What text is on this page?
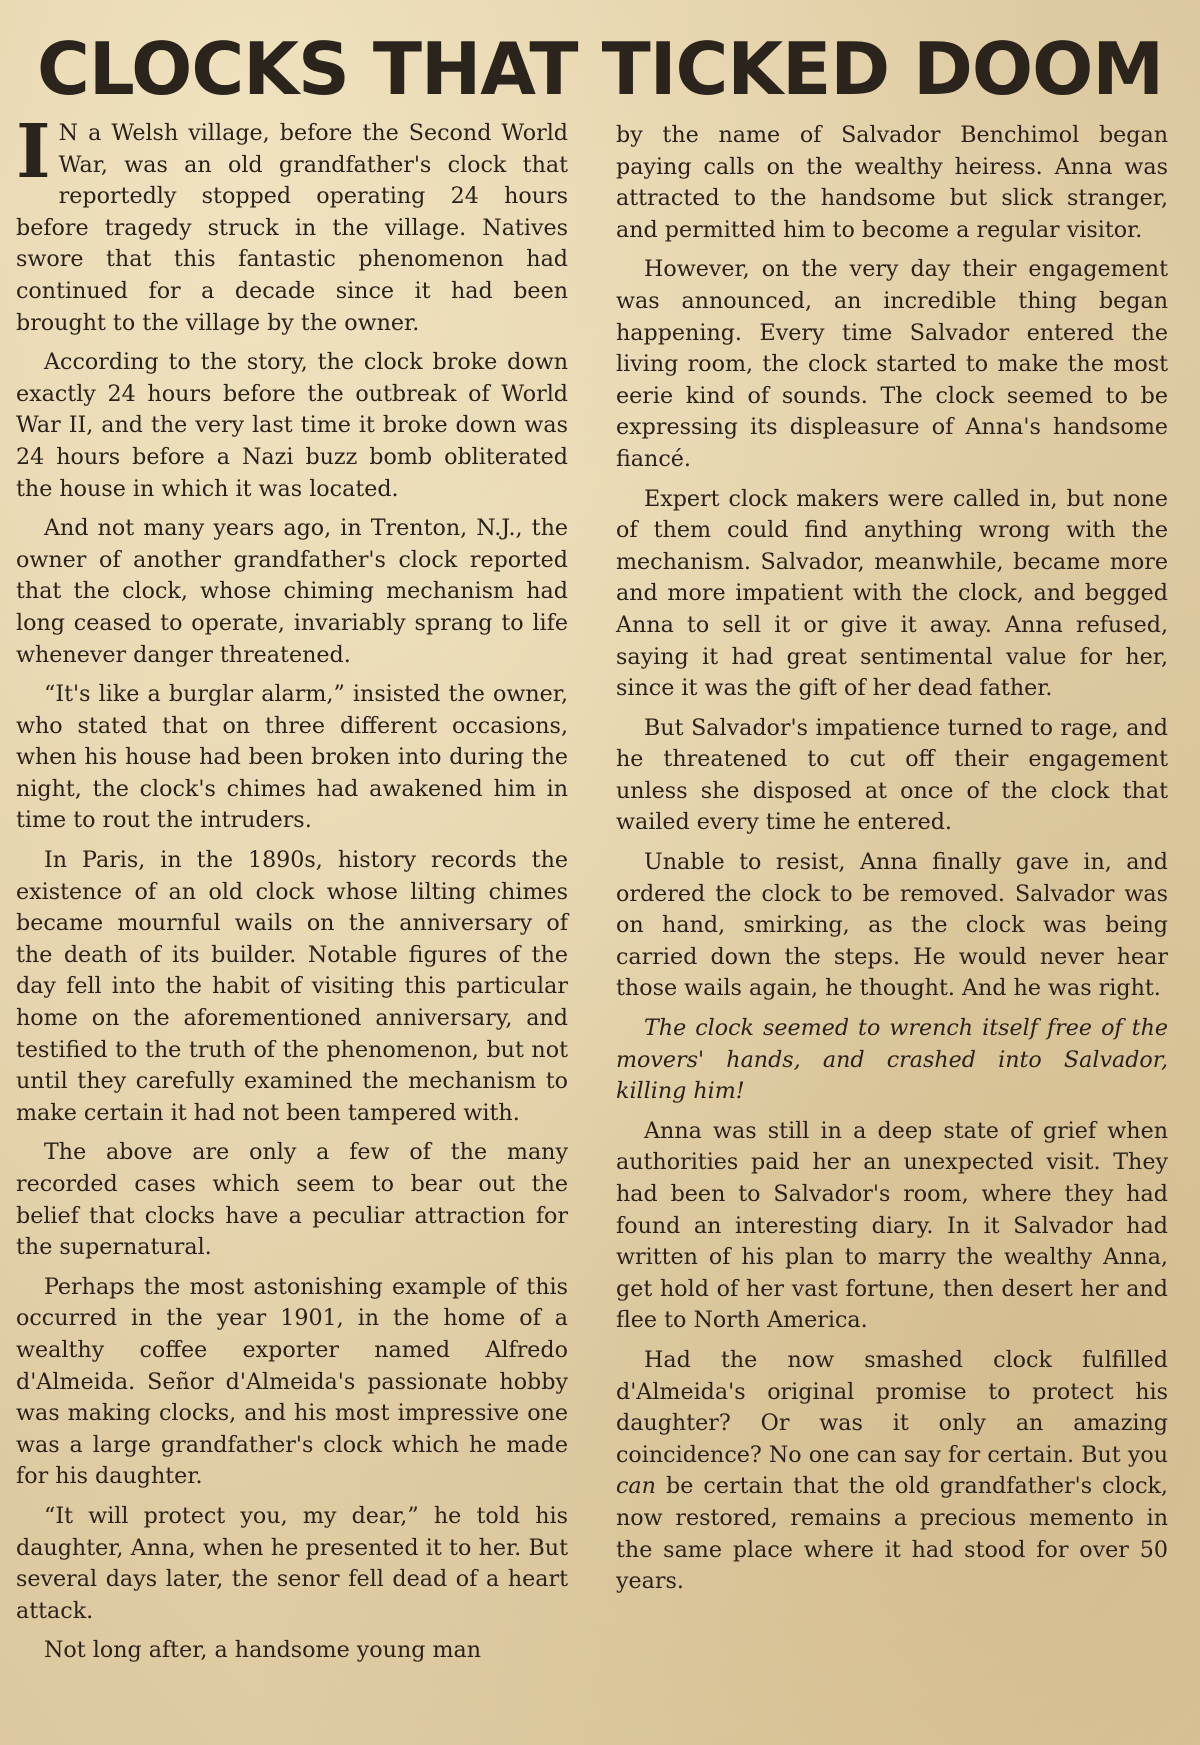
CLOCKS THAT TICKED DOOM

I N a Welsh village, before the Second World War, was an old grandfather's clock that reportedly stopped operating 24 hours before tragedy struck in the village. Natives swore that this fantastic phenomenon had continued for a decade since it had been brought to the village by the owner.

According to the story, the clock broke down exactly 24 hours before the outbreak of World War II, and the very last time it broke down was 24 hours before a Nazi buzz bomb obliterated the house in which it was located.

And not many years ago, in Trenton, N.J., the owner of another grandfather's clock reported that the clock, whose chiming mechanism had long ceased to operate, invariably sprang to life whenever danger threatened.

“It's like a burglar alarm,” insisted the owner, who stated that on three different occasions, when his house had been broken into during the night, the clock's chimes had awakened him in time to rout the intruders.

In Paris, in the 1890s, history records the existence of an old clock whose lilting chimes became mournful wails on the anniversary of the death of its builder. Notable figures of the day fell into the habit of visiting this particular home on the aforementioned anniversary, and testified to the truth of the phenomenon, but not until they carefully examined the mechanism to make certain it had not been tampered with.

The above are only a few of the many recorded cases which seem to bear out the belief that clocks have a peculiar attraction for the supernatural.

Perhaps the most astonishing example of this occurred in the year 1901, in the home of a wealthy coffee exporter named Alfredo d'Almeida. Señor d'Almeida's passionate hobby was making clocks, and his most impressive one was a large grandfather's clock which he made for his daughter.

“It will protect you, my dear,” he told his daughter, Anna, when he presented it to her. But several days later, the senor fell dead of a heart attack.

Not long after, a handsome young man

by the name of Salvador Benchimol began paying calls on the wealthy heiress. Anna was attracted to the handsome but slick stranger, and permitted him to become a regular visitor.

However, on the very day their engagement was announced, an incredible thing began happening. Every time Salvador entered the living room, the clock started to make the most eerie kind of sounds. The clock seemed to be expressing its displeasure of Anna's handsome fiancé.

Expert clock makers were called in, but none of them could find anything wrong with the mechanism. Salvador, meanwhile, became more and more impatient with the clock, and begged Anna to sell it or give it away. Anna refused, saying it had great sentimental value for her, since it was the gift of her dead father.

But Salvador's impatience turned to rage, and he threatened to cut off their engagement unless she disposed at once of the clock that wailed every time he entered.

Unable to resist, Anna finally gave in, and ordered the clock to be removed. Salvador was on hand, smirking, as the clock was being carried down the steps. He would never hear those wails again, he thought. And he was right.

The clock seemed to wrench itself free of the movers' hands, and crashed into Salvador, killing him!

Anna was still in a deep state of grief when authorities paid her an unexpected visit. They had been to Salvador's room, where they had found an interesting diary. In it Salvador had written of his plan to marry the wealthy Anna, get hold of her vast fortune, then desert her and flee to North America.

Had the now smashed clock fulfilled d'Almeida's original promise to protect his daughter? Or was it only an amazing coincidence? No one can say for certain. But you can be certain that the old grandfather's clock, now restored, remains a precious memento in the same place where it had stood for over 50 years.
